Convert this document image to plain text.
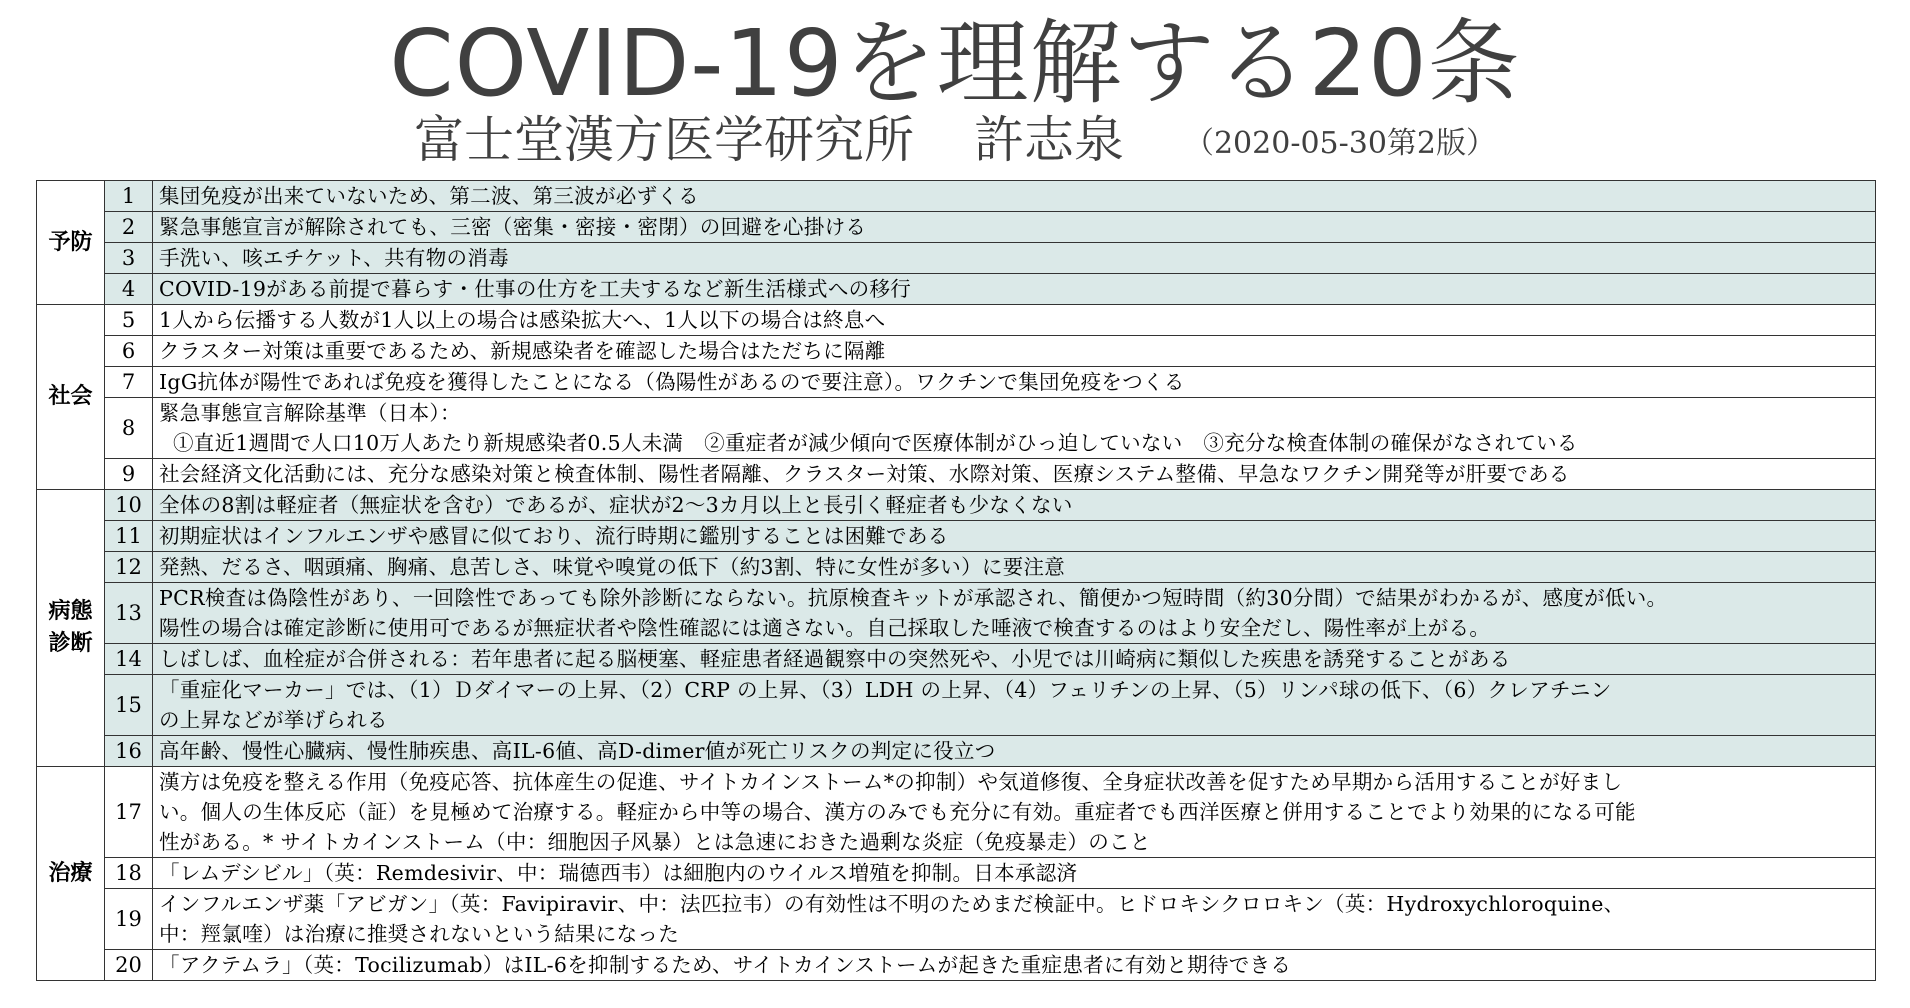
COVID-19を理解する20条
富士堂漢方医学研究所 許志泉 （2020-05-30第2版）
予防	1	集団免疫が出来ていないため、第二波、第三波が必ずくる

	2	緊急事態宣言が解除されても、三密（密集・密接・密閉）の回避を心掛ける

	3	手洗い、咳エチケット、共有物の消毒

	4	COVID-19がある前提で暮らす・仕事の仕方を工夫するなど新生活様式への移行

社会	5	1人から伝播する人数が1人以上の場合は感染拡大へ、1人以下の場合は終息へ

	6	クラスター対策は重要であるため、新規感染者を確認した場合はただちに隔離

	7	IgG抗体が陽性であれば免疫を獲得したことになる（偽陽性があるので要注意）。ワクチンで集団免疫をつくる

	8	緊急事態宣言解除基準（日本）：
①直近1週間で人口10万人あたり新規感染者0.5人未満　②重症者が減少傾向で医療体制がひっ迫していない　③充分な検査体制の確保がなされている

	9	社会経済文化活動には、充分な感染対策と検査体制、陽性者隔離、クラスター対策、水際対策、医療システム整備、早急なワクチン開発等が肝要である

病態
診断	10	全体の8割は軽症者（無症状を含む）であるが、症状が2～3カ月以上と長引く軽症者も少なくない

	11	初期症状はインフルエンザや感冒に似ており、流行時期に鑑別することは困難である

	12	発熱、だるさ、咽頭痛、胸痛、息苦しさ、味覚や嗅覚の低下（約3割、特に女性が多い）に要注意

	13	PCR検査は偽陰性があり、一回陰性であっても除外診断にならない。抗原検査キットが承認され、簡便かつ短時間（約30分間）で結果がわかるが、感度が低い。
陽性の場合は確定診断に使用可であるが無症状者や陰性確認には適さない。自己採取した唾液で検査するのはより安全だし、陽性率が上がる。

	14	しばしば、血栓症が合併される：若年患者に起る脳梗塞、軽症患者経過観察中の突然死や、小児では川崎病に類似した疾患を誘発することがある

	15	「重症化マーカー」では、（1）Ｄダイマーの上昇、（2）CRP の上昇、（3）LDH の上昇、（4）フェリチンの上昇、（5）リンパ球の低下、（6）クレアチニン
の上昇などが挙げられる

	16	高年齢、慢性心臓病、慢性肺疾患、高IL-6値、高D-dimer値が死亡リスクの判定に役立つ

治療	17	漢方は免疫を整える作用（免疫応答、抗体産生の促進、サイトカインストーム*の抑制）や気道修復、全身症状改善を促すため早期から活用することが好まし
い。個人の生体反応（証）を見極めて治療する。軽症から中等の場合、漢方のみでも充分に有効。重症者でも西洋医療と併用することでより効果的になる可能
性がある。* サイトカインストーム（中：细胞因子风暴）とは急速におきた過剰な炎症（免疫暴走）のこと

	18	「レムデシビル」（英：Remdesivir、中：瑞德西韦）は細胞内のウイルス増殖を抑制。日本承認済

	19	インフルエンザ薬「アビガン」（英：Favipiravir、中：法匹拉韦）の有効性は不明のためまだ検証中。ヒドロキシクロロキン（英：Hydroxychloroquine、
中：羥氯喹）は治療に推奨されないという結果になった

	20	「アクテムラ」（英：Tocilizumab）はIL-6を抑制するため、サイトカインストームが起きた重症患者に有効と期待できる
